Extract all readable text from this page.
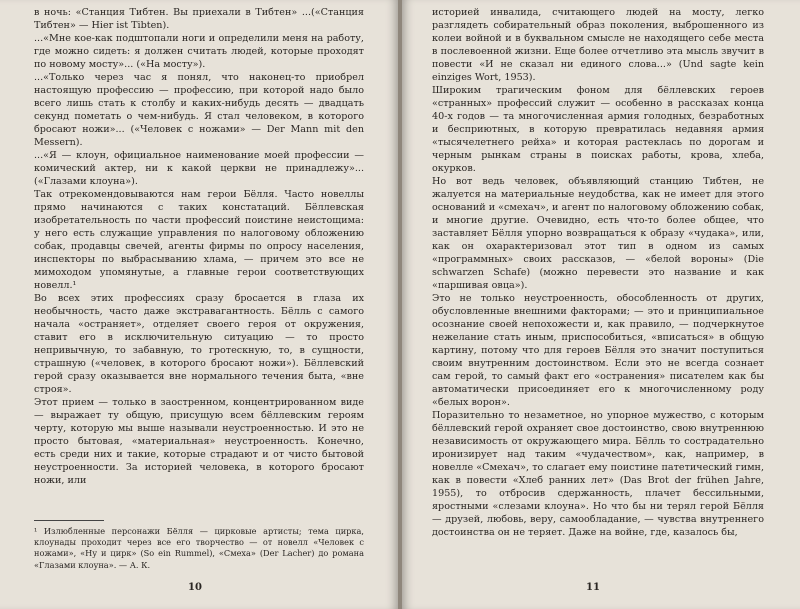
в ночь: «Станция Тибтен. Вы приехали в Тибтен» ...(«Станция Тибтен» — Hier ist Tibten).

...«Мне кое-как подштопали ноги и определили меня на работу, где можно сидеть: я должен считать людей, которые проходят по новому мосту»... («На мосту»).

...«Только через час я понял, что наконец-то приобрел настоящую профессию — профессию, при которой надо было всего лишь стать к столбу и каких-нибудь десять — двадцать секунд пометать о чем-нибудь. Я стал человеком, в которого бросают ножи»... («Человек с ножами» — Der Mann mit den Messern).

...«Я — клоун, официальное наименование моей профессии — комический актер, ни к какой церкви не принадлежу»... («Глазами клоуна»).

Так отрекомендовываются нам герои Бёлля. Часто новеллы прямо начинаются с таких констатаций. Бёллевская изобретательность по части профессий поистине неистощима: у него есть служащие управления по налоговому обложению собак, продавцы свечей, агенты фирмы по опросу населения, инспекторы по выбрасыванию хлама, — причем это все не мимоходом упомянутые, а главные герои соответствующих новелл.¹

Во всех этих профессиях сразу бросается в глаза их необычность, часто даже экстравагантность. Бёлль с самого начала «остраняет», отделяет своего героя от окружения, ставит его в исключительную ситуацию — то просто непривычную, то забавную, то гротескную, то, в сущности, страшную («человек, в которого бросают ножи»). Бёллевский герой сразу оказывается вне нормального течения быта, «вне строя».

Этот прием — только в заостренном, концентрированном виде — выражает ту общую, присущую всем бёллевским героям черту, которую мы выше называли неустроенностью. И это не просто бытовая, «материальная» неустроенность. Конечно, есть среди них и такие, которые страдают и от чисто бытовой неустроенности. За историей человека, в которого бросают ножи, или

¹ Излюбленные персонажи Бёлля — цирковые артисты; тема цирка, клоунады проходит через все его творчество — от новелл «Человек с ножами», «Ну и цирк» (So ein Rummel), «Смеха» (Der Lacher) до романа «Глазами клоуна». — А. К.
10

историей инвалида, считающего людей на мосту, легко разглядеть собирательный образ поколения, выброшенного из колеи войной и в буквальном смысле не находящего себе места в послевоенной жизни. Еще более отчетливо эта мысль звучит в повести «И не сказал ни единого слова...» (Und sagte kein einziges Wort, 1953).

Широким трагическим фоном для бёллевских героев «странных» профессий служит — особенно в рассказах конца 40-х годов — та многочисленная армия голодных, безработных и бесприютных, в которую превратилась недавняя армия «тысячелетнего рейха» и которая растеклась по дорогам и черным рынкам страны в поисках работы, крова, хлеба, окурков.

Но вот ведь человек, объявляющий станцию Тибтен, не жалуется на материальные неудобства, как не имеет для этого оснований и «смехач», и агент по налоговому обложению собак, и многие другие. Очевидно, есть что-то более общее, что заставляет Бёлля упорно возвращаться к образу «чудака», или, как он охарактеризовал этот тип в одном из самых «программных» своих рассказов, — «белой вороны» (Die schwarzen Schafe) (можно перевести это название и как «паршивая овца»).

Это не только неустроенность, обособленность от других, обусловленные внешними факторами; — это и принципиальное осознание своей непохожести и, как правило, — подчеркнутое нежелание стать иным, приспособиться, «вписаться» в общую картину, потому что для героев Бёлля это значит поступиться своим внутренним достоинством. Если это не всегда сознает сам герой, то самый факт его «остранения» писателем как бы автоматически присоединяет его к многочисленному роду «белых ворон».

Поразительно то незаметное, но упорное мужество, с которым бёллевский герой охраняет свое достоинство, свою внутреннюю независимость от окружающего мира. Бёлль то сострадательно иронизирует над таким «чудачеством», как, например, в новелле «Смехач», то слагает ему поистине патетический гимн, как в повести «Хлеб ранних лет» (Das Brot der frühen Jahre, 1955), то отбросив сдержанность, плачет бессильными, яростными «слезами клоуна». Но что бы ни терял герой Бёлля — друзей, любовь, веру, самообладание, — чувства внутреннего достоинства он не теряет. Даже на войне, где, казалось бы,

11
